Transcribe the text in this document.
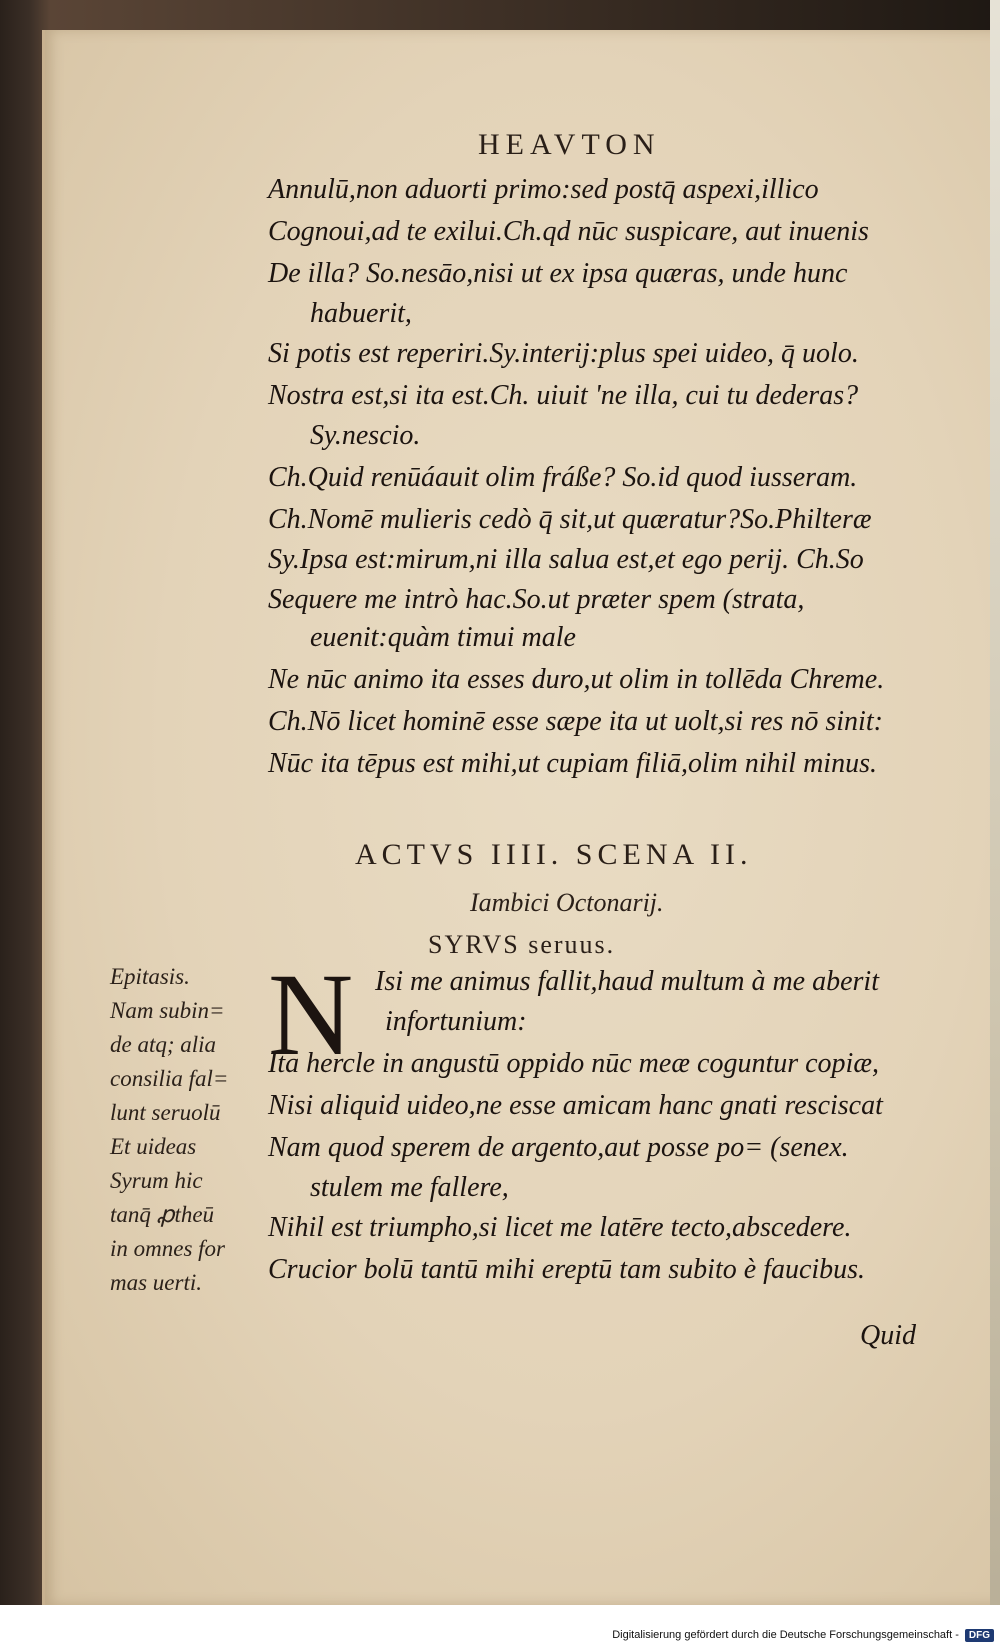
HEAVTON
Annulū,non aduorti primo:sed postq̄ aspexi,illico
Cognoui,ad te exilui.Ch.qd nūc suspicare, aut inuenis
De illa? So.nesāo,nisi ut ex ipsa quæras, unde hunc
habuerit,
Si potis est reperiri.Sy.interij:plus spei uideo, q̄ uolo.
Nostra est,si ita est.Ch. uiuit 'ne illa, cui tu dederas?
Sy.nescio.
Ch.Quid renūáauit olim fráße? So.id quod iusseram.
Ch.Nomē mulieris cedò q̄ sit,ut quæratur?So.Philteræ
Sy.Ipsa est:mirum,ni illa salua est,et ego perij. Ch.So
Sequere me intrò hac.So.ut præter spem (strata,
euenit:quàm timui male
Ne nūc animo ita esses duro,ut olim in tollēda Chreme.
Ch.Nō licet hominē esse sæpe ita ut uolt,si res nō sinit:
Nūc ita tēpus est mihi,ut cupiam filiā,olim nihil minus.
ACTVS IIII. SCENA II.
Iambici Octonarij.
SYRVS seruus.
Epitasis.
Nam subin=
de atq; alia
consilia fal=
lunt seruolū
Et uideas
Syrum hic
tanq̄ ꝓtheū
in omnes for
mas uerti.
N Isi me animus fallit,haud multum à me aberit
infortunium:
Ita hercle in angustū oppido nūc meæ coguntur copiæ,
Nisi aliquid uideo,ne esse amicam hanc gnati resciscat
Nam quod sperem de argento,aut posse po= (senex.
stulem me fallere,
Nihil est triumpho,si licet me latēre tecto,abscedere.
Crucior bolū tantū mihi ereptū tam subito è faucibus.
Quid
Digitalisierung gefördert durch die Deutsche Forschungsgemeinschaft -	DFG
